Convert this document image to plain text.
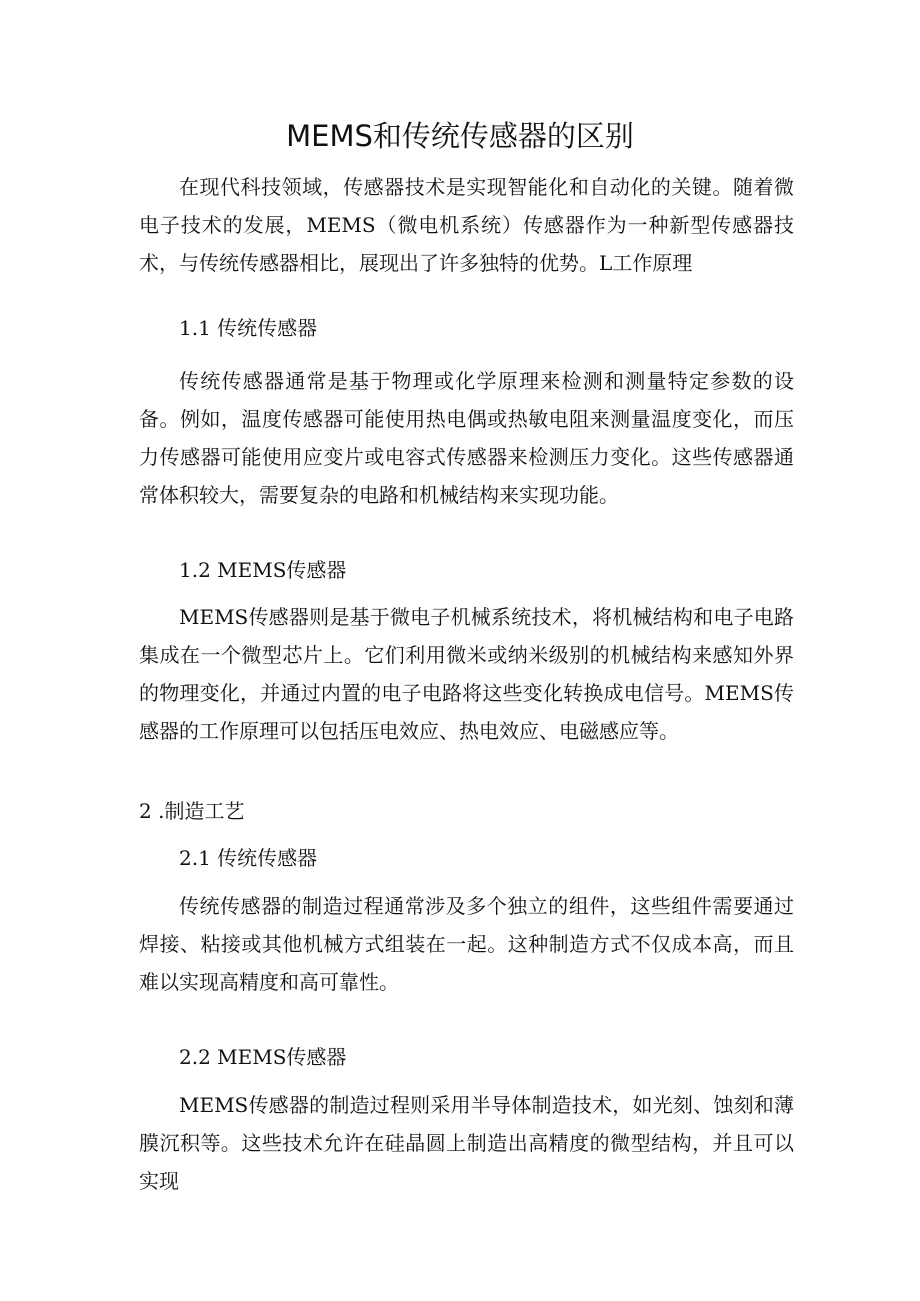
MEMS和传统传感器的区别
在现代科技领域，传感器技术是实现智能化和自动化的关键。随着微电子技术的发展，MEMS（微电机系统）传感器作为一种新型传感器技术，与传统传感器相比，展现出了许多独特的优势。L工作原理
1.1 传统传感器
传统传感器通常是基于物理或化学原理来检测和测量特定参数的设备。例如，温度传感器可能使用热电偶或热敏电阻来测量温度变化，而压力传感器可能使用应变片或电容式传感器来检测压力变化。这些传感器通常体积较大，需要复杂的电路和机械结构来实现功能。
1.2 MEMS传感器
MEMS传感器则是基于微电子机械系统技术，将机械结构和电子电路集成在一个微型芯片上。它们利用微米或纳米级别的机械结构来感知外界的物理变化，并通过内置的电子电路将这些变化转换成电信号。MEMS传感器的工作原理可以包括压电效应、热电效应、电磁感应等。
2 .制造工艺
2.1 传统传感器
传统传感器的制造过程通常涉及多个独立的组件，这些组件需要通过焊接、粘接或其他机械方式组装在一起。这种制造方式不仅成本高，而且难以实现高精度和高可靠性。
2.2 MEMS传感器
MEMS传感器的制造过程则采用半导体制造技术，如光刻、蚀刻和薄膜沉积等。这些技术允许在硅晶圆上制造出高精度的微型结构，并且可以实现
